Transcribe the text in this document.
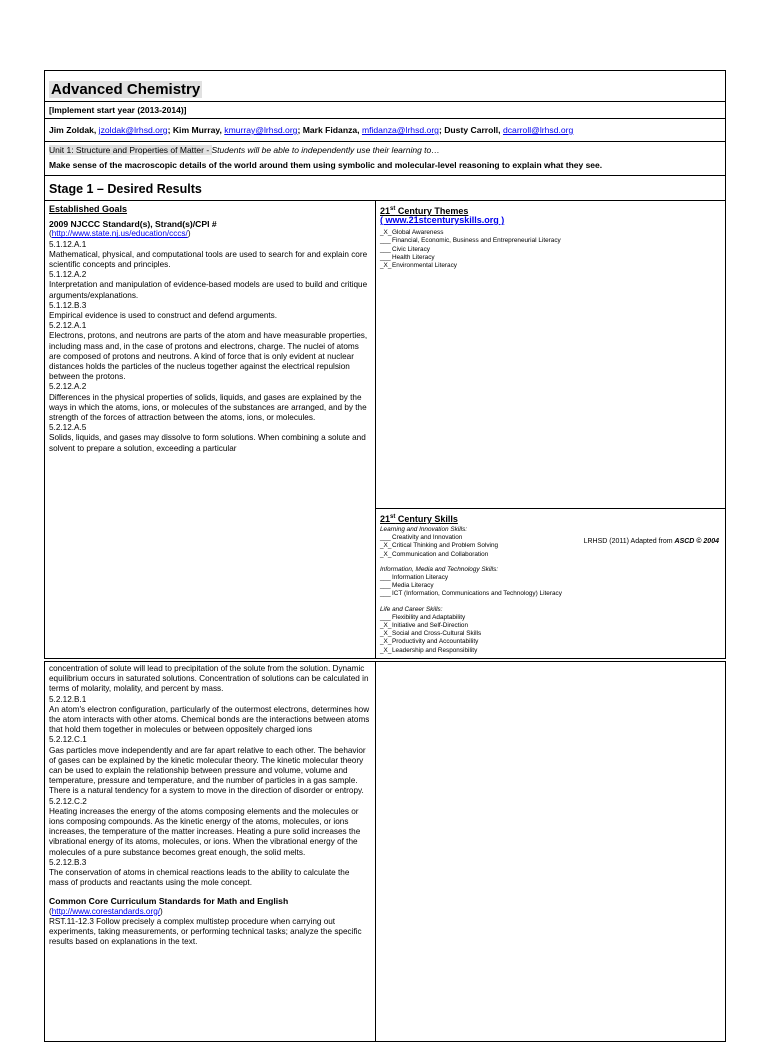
Advanced Chemistry
[Implement start year (2013-2014)]
Jim Zoldak, jzoldak@lrhsd.org; Kim Murray, kmurray@lrhsd.org; Mark Fidanza, mfidanza@lrhsd.org; Dusty Carroll, dcarroll@lrhsd.org

Unit 1: Structure and Properties of Matter - Students will be able to independently use their learning to…
Make sense of the macroscopic details of the world around them using symbolic and molecular-level reasoning to explain what they see.

Stage 1 – Desired Results

Established Goals
2009 NJCCC Standard(s), Strand(s)/CPI #
(http://www.state.nj.us/education/cccs/)
5.1.12.A.1
Mathematical, physical, and computational tools are used to search for and explain core scientific concepts and principles.
5.1.12.A.2
Interpretation and manipulation of evidence-based models are used to build and critique arguments/explanations.
5.1.12.B.3
Empirical evidence is used to construct and defend arguments.
5.2.12.A.1
Electrons, protons, and neutrons are parts of the atom and have measurable properties, including mass and, in the case of protons and electrons, charge. The nuclei of atoms are composed of protons and neutrons. A kind of force that is only evident at nuclear distances holds the particles of the nucleus together against the electrical repulsion between the protons.
5.2.12.A.2
Differences in the physical properties of solids, liquids, and gases are explained by the ways in which the atoms, ions, or molecules of the substances are arranged, and by the strength of the forces of attraction between the atoms, ions, or molecules.
5.2.12.A.5
Solids, liquids, and gases may dissolve to form solutions. When combining a solute and solvent to prepare a solution, exceeding a particular

21st Century Themes
( www.21stcenturyskills.org )
_X_Global Awareness
___Financial, Economic, Business and Entrepreneurial Literacy
___Civic Literacy
___Health Literacy
_X_Environmental Literacy

21st Century Skills
Learning and Innovation Skills:
___Creativity and Innovation
_X_Critical Thinking and Problem Solving
_X_Communication and Collaboration
Information, Media and Technology Skills:
___Information Literacy
___Media Literacy
___ICT (Information, Communications and Technology) Literacy
Life and Career Skills:
___Flexibility and Adaptability
_X_Initiative and Self-Direction
_X_Social and Cross-Cultural Skills
_X_Productivity and Accountability
_X_Leadership and Responsibility
LRHSD (2011) Adapted from ASCD © 2004
concentration of solute will lead to precipitation of the solute from the solution. Dynamic equilibrium occurs in saturated solutions. Concentration of solutions can be calculated in terms of molarity, molality, and percent by mass.
5.2.12.B.1
An atom's electron configuration, particularly of the outermost electrons, determines how the atom interacts with other atoms. Chemical bonds are the interactions between atoms that hold them together in molecules or between oppositely charged ions
5.2.12.C.1
Gas particles move independently and are far apart relative to each other. The behavior of gases can be explained by the kinetic molecular theory. The kinetic molecular theory can be used to explain the relationship between pressure and volume, volume and temperature, pressure and temperature, and the number of particles in a gas sample. There is a natural tendency for a system to move in the direction of disorder or entropy.
5.2.12.C.2
Heating increases the energy of the atoms composing elements and the molecules or ions composing compounds. As the kinetic energy of the atoms, molecules, or ions increases, the temperature of the matter increases. Heating a pure solid increases the vibrational energy of its atoms, molecules, or ions. When the vibrational energy of the molecules of a pure substance becomes great enough, the solid melts.
5.2.12.B.3
The conservation of atoms in chemical reactions leads to the ability to calculate the mass of products and reactants using the mole concept.
Common Core Curriculum Standards for Math and English
(http://www.corestandards.org/)
RST.11-12.3 Follow precisely a complex multistep procedure when carrying out experiments, taking measurements, or performing technical tasks; analyze the specific results based on explanations in the text.
